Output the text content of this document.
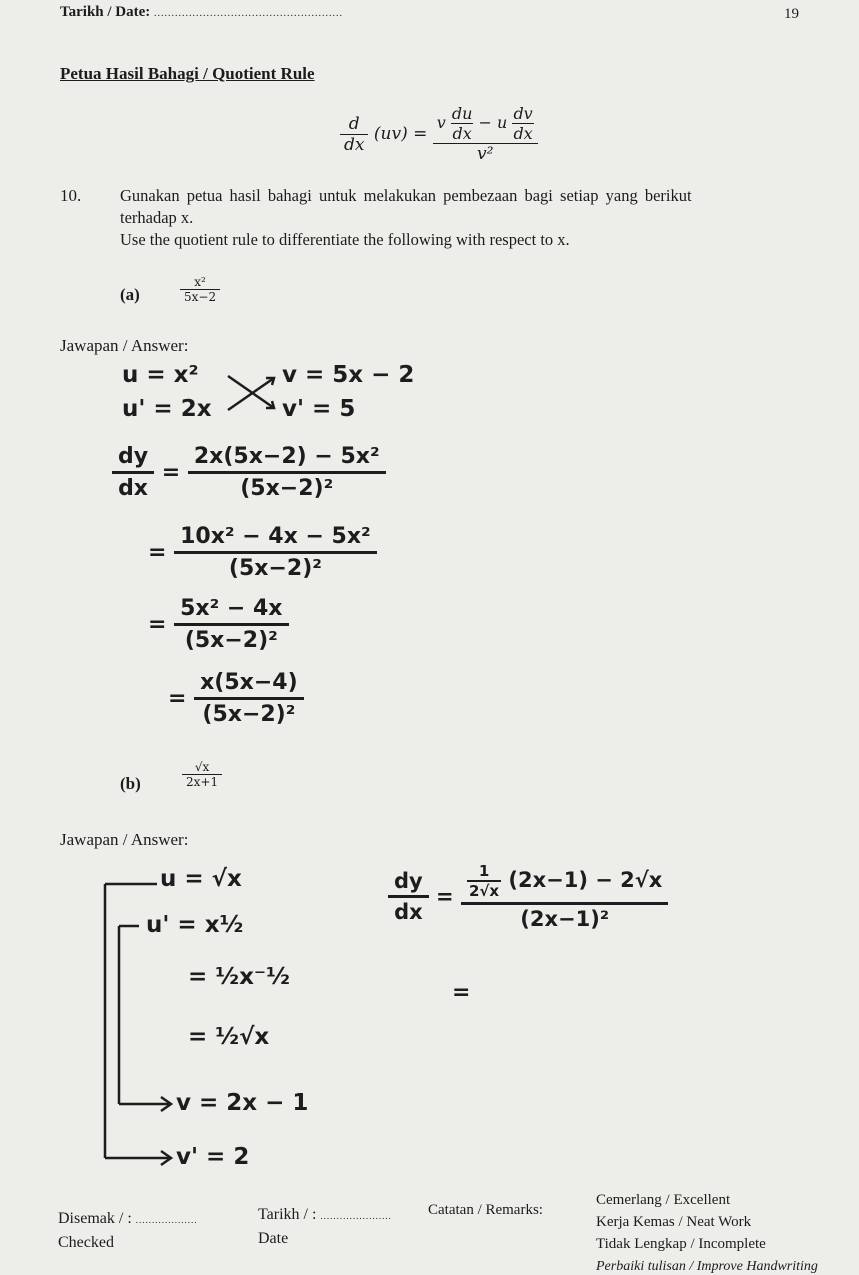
Tarikh / Date: ......................................................	19
Petua Hasil Bahagi / Quotient Rule
$\frac{d}{dx} (uv)$ =
v $\frac{du}{dx} - u \frac{dv}{dx}$
v²
10. Gunakan petua hasil bahagi untuk melakukan pembezaan bagi setiap yang berikut
terhadap x.
Use the quotient rule to differentiate the following with respect to x.
(a)	$\frac{\text{x²}}{5x-2}$
Jawapan / Answer:
u = x²
u' = 2x
v = 5x − 2
v' = 5
$\frac{dy}{dx} = \frac{\text{2x(5x−2) − 5x²}}{\text{(5x−2)²}}$
= $\frac{\text{10x² − 4x − 5x²}}{\text{(5x−2)²}}$
= $\frac{\text{5x² − 4x}}{\text{(5x−2)²}}$
= $\frac{x(5x-4)}{\text{(5x−2)²}}$
(b)	$\frac{√x}{2x+1}$
Jawapan / Answer:
u = √x
u' = x½
= ½x⁻½
= ½√x
v = 2x − 1
v' = 2
$\frac{dy}{dx} = \frac{\frac{1}{2√x} (2x-1) - 2√x}{\text{(2x−1)²}}$
=
Disemak / : ...................
Checked
Tarikh / : ......................
Date
Catatan / Remarks:
Cemerlang / Excellent
Kerja Kemas / Neat Work
Tidak Lengkap / Incomplete
Perbaiki tulisan / Improve Handwriting
